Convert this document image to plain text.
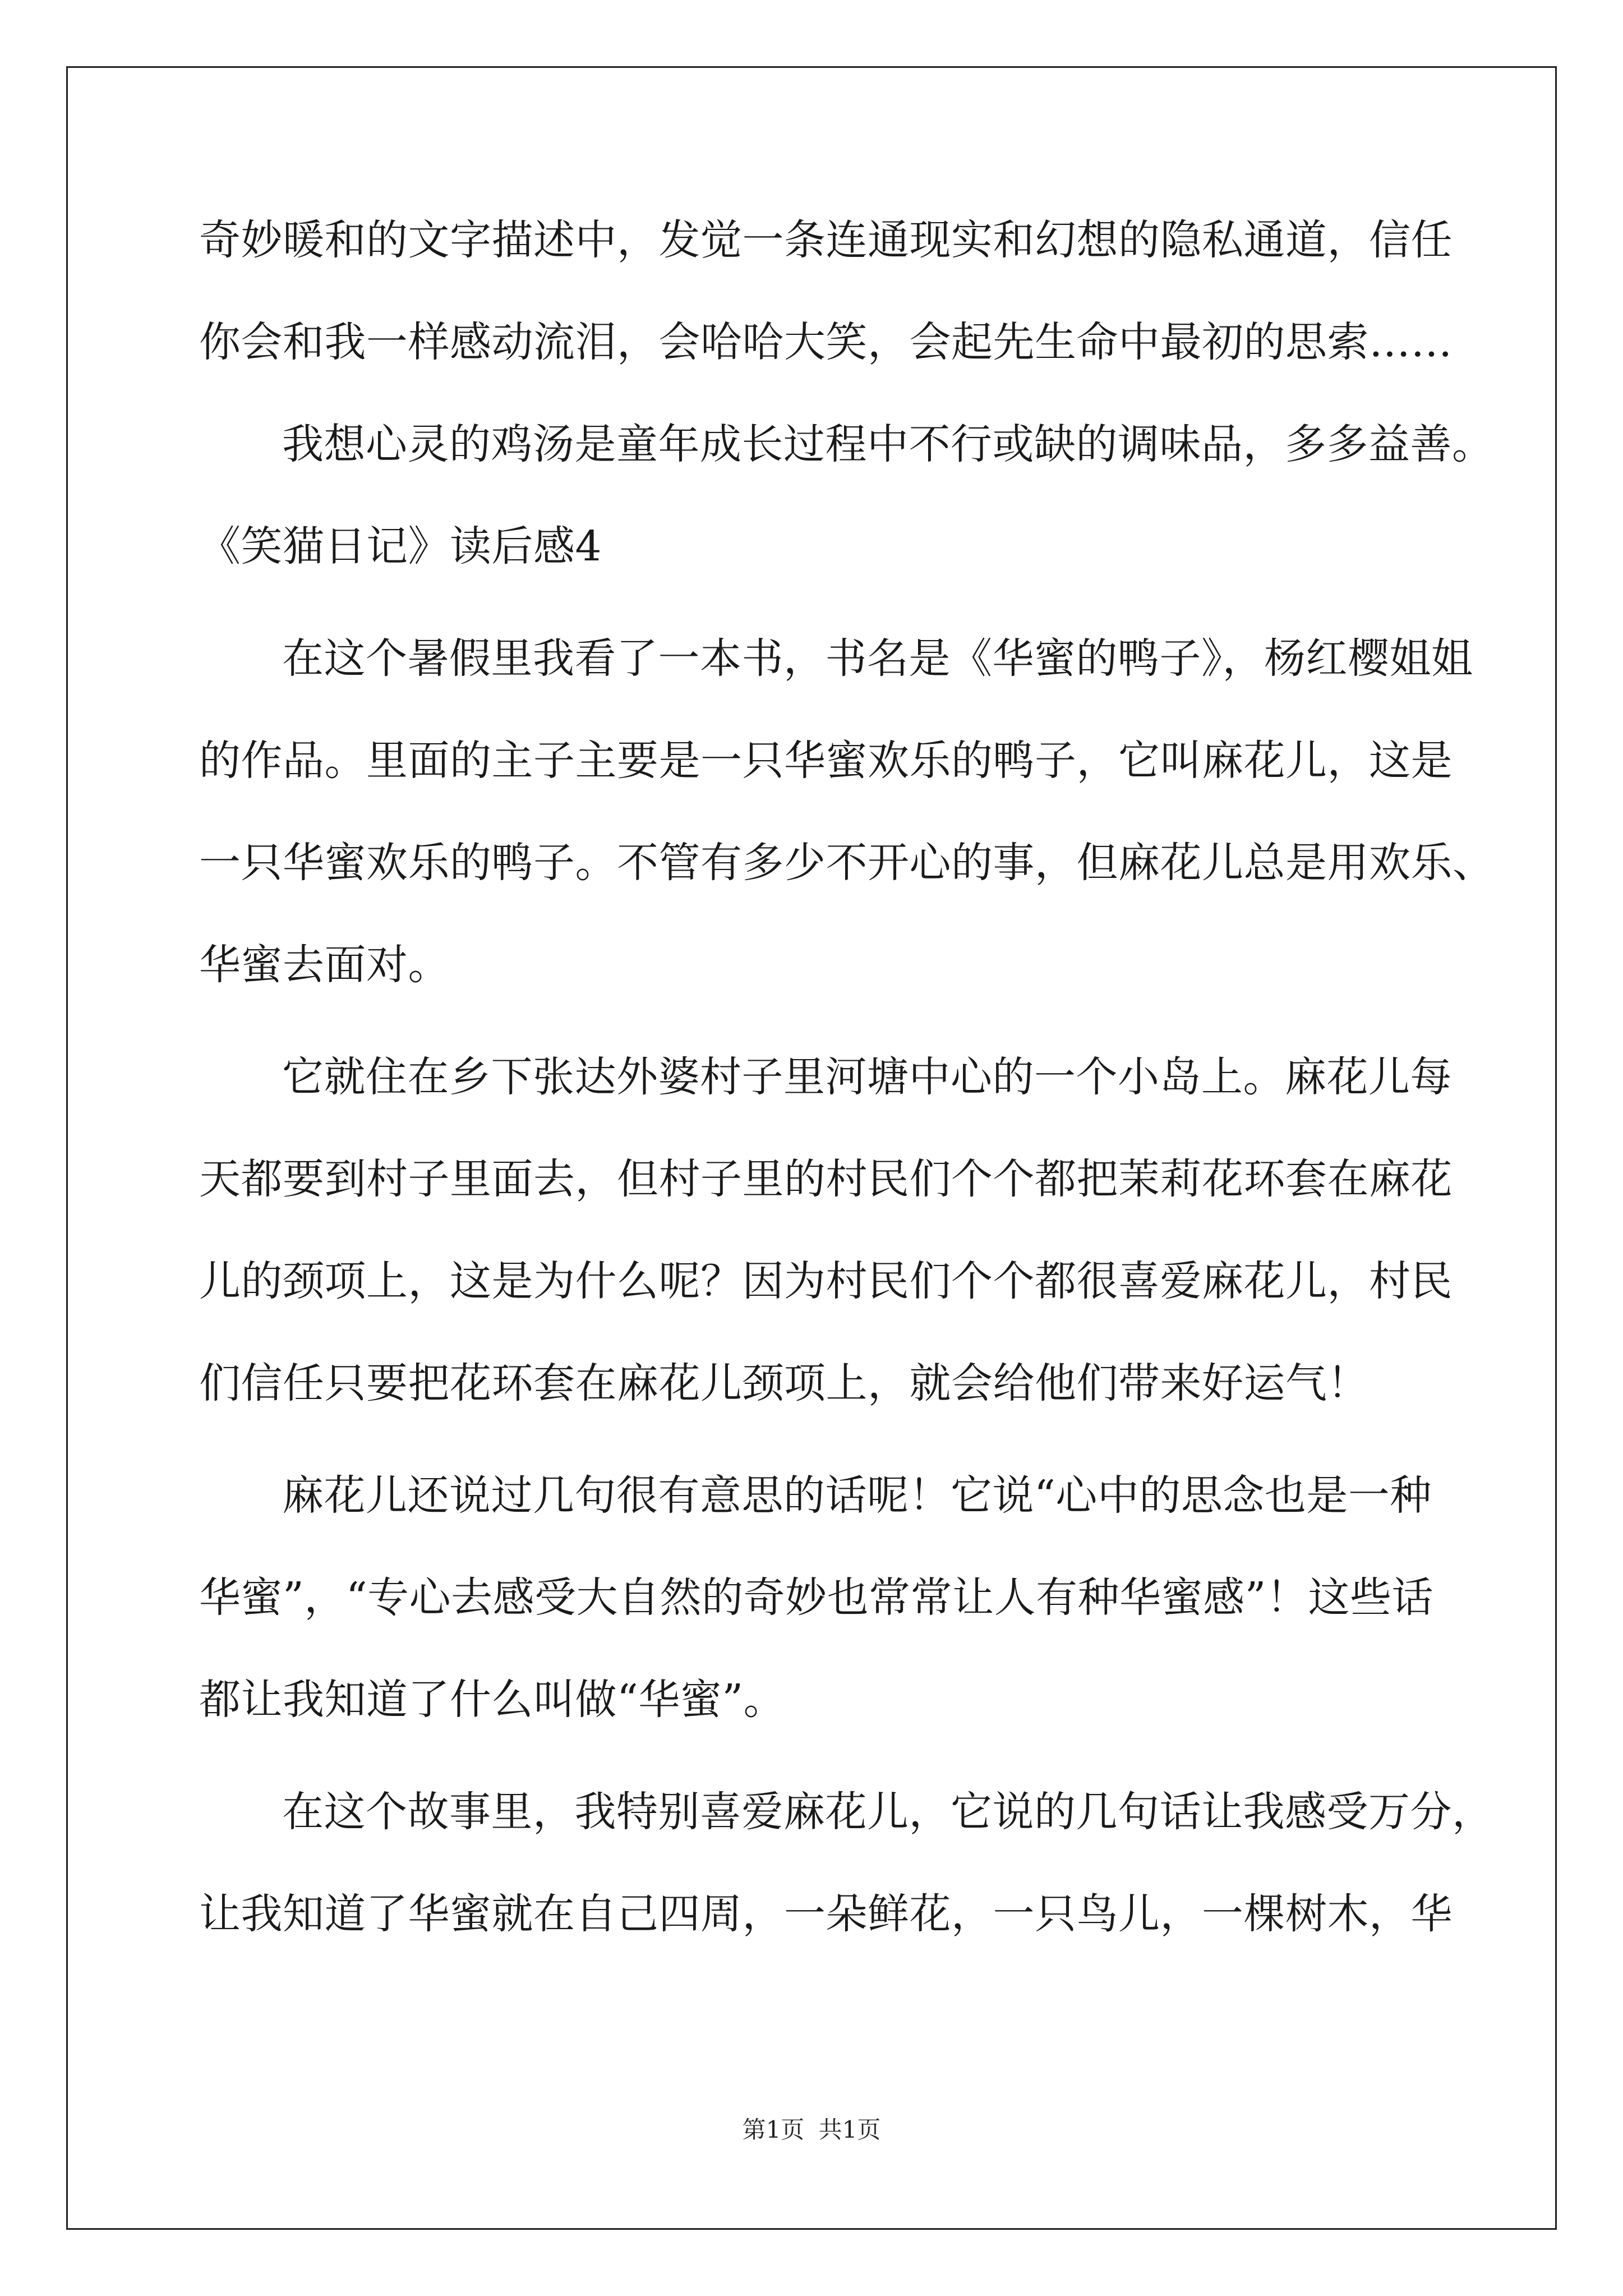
奇妙暖和的文字描述中，发觉一条连通现实和幻想的隐私通道，信任

你会和我一样感动流泪，会哈哈大笑，会起先生命中最初的思索……

我想心灵的鸡汤是童年成长过程中不行或缺的调味品，多多益善。

《笑猫日记》读后感4

在这个暑假里我看了一本书，书名是《华蜜的鸭子》，杨红樱姐姐

的作品。里面的主子主要是一只华蜜欢乐的鸭子，它叫麻花儿，这是

一只华蜜欢乐的鸭子。不管有多少不开心的事，但麻花儿总是用欢乐、

华蜜去面对。

它就住在乡下张达外婆村子里河塘中心的一个小岛上。麻花儿每

天都要到村子里面去，但村子里的村民们个个都把茉莉花环套在麻花

儿的颈项上，这是为什么呢？因为村民们个个都很喜爱麻花儿，村民

们信任只要把花环套在麻花儿颈项上，就会给他们带来好运气！

麻花儿还说过几句很有意思的话呢！它说“心中的思念也是一种

华蜜”，“专心去感受大自然的奇妙也常常让人有种华蜜感”！这些话

都让我知道了什么叫做“华蜜”。

在这个故事里，我特别喜爱麻花儿，它说的几句话让我感受万分，

让我知道了华蜜就在自己四周，一朵鲜花，一只鸟儿，一棵树木，华

第1页 共1页
